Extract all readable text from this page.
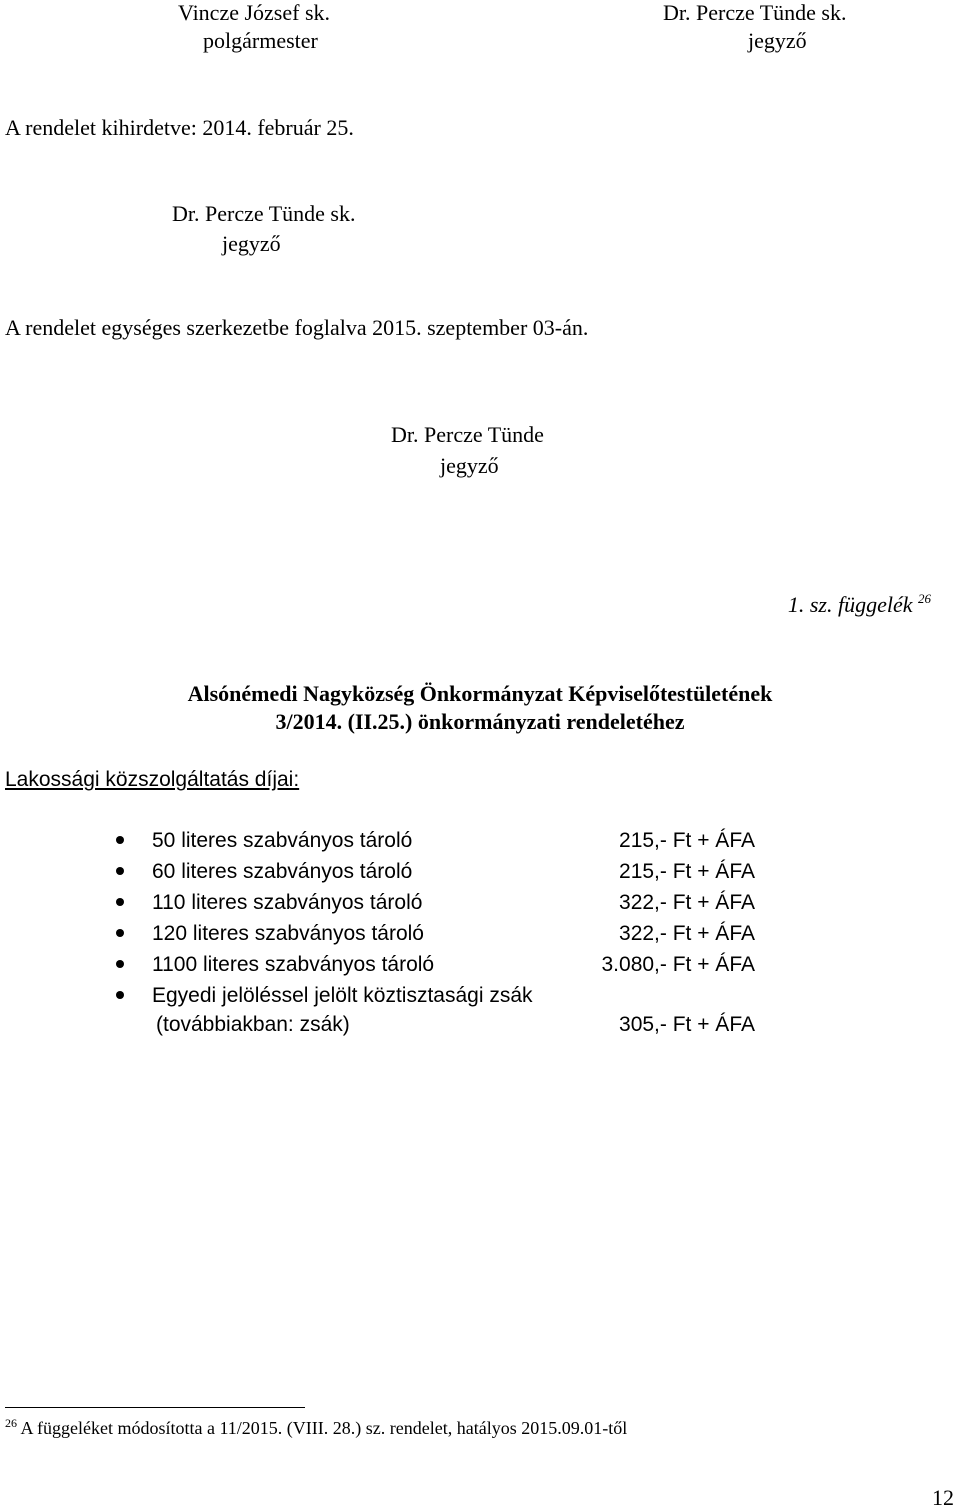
Vincze József sk.
polgármester
Dr. Percze Tünde sk.
jegyző
A rendelet kihirdetve: 2014. február 25.
Dr. Percze Tünde sk.
jegyző
A rendelet egységes szerkezetbe foglalva 2015. szeptember 03-án.
Dr. Percze Tünde
jegyző
1. sz. függelék $^{26}$
Alsónémedi Nagyközség Önkormányzat Képviselőtestületének
3/2014. (II.25.) önkormányzati rendeletéhez
Lakossági közszolgáltatás díjai:
50 literes szabványos tároló	215,- Ft + ÁFA
60 literes szabványos tároló	215,- Ft + ÁFA
110 literes szabványos tároló	322,- Ft + ÁFA
120 literes szabványos tároló	322,- Ft + ÁFA
1100 literes szabványos tároló	3.080,- Ft + ÁFA
Egyedi jelöléssel jelölt köztisztasági zsák
(továbbiakban: zsák)	305,- Ft + ÁFA
$^{26}$ A függeléket módosította a 11/2015. (VIII. 28.) sz. rendelet, hatályos 2015.09.01-től
12
